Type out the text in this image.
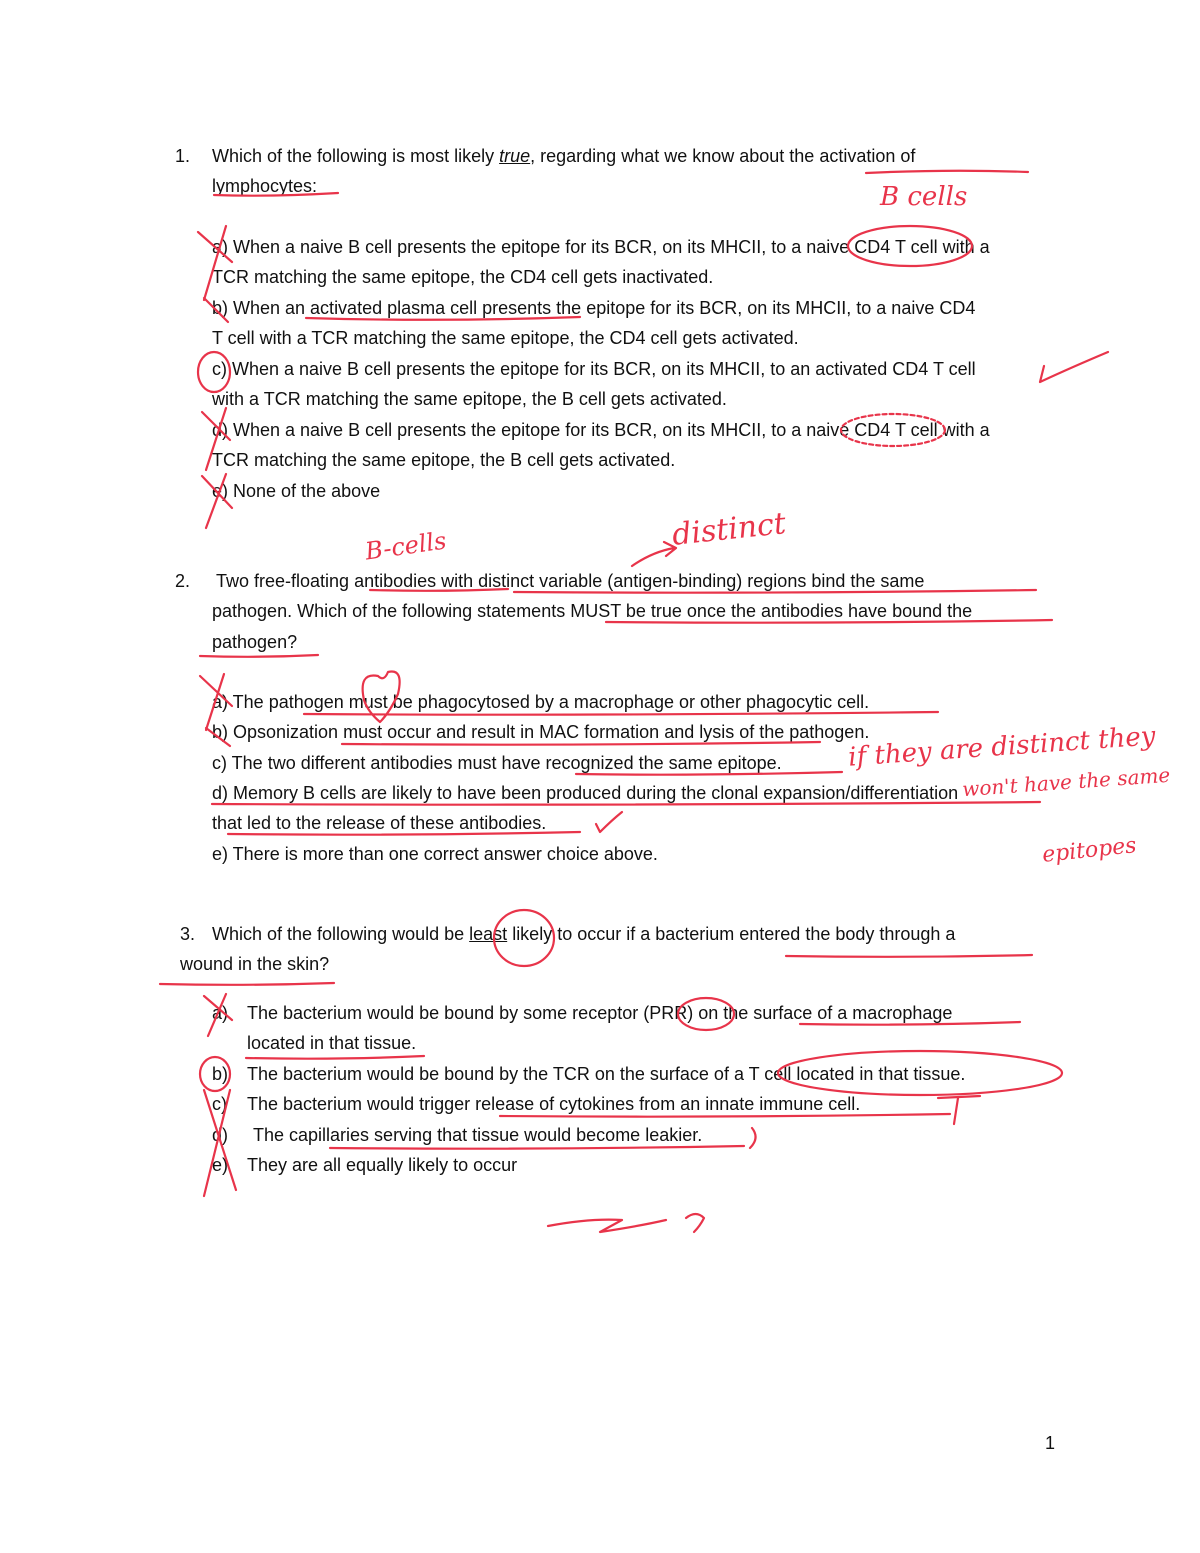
1. Which of the following is most likely true, regarding what we know about the activation of
lymphocytes:
a) When a naive B cell presents the epitope for its BCR, on its MHCII, to a naive CD4 T cell with a
TCR matching the same epitope, the CD4 cell gets inactivated.
b) When an activated plasma cell presents the epitope for its BCR, on its MHCII, to a naive CD4
T cell with a TCR matching the same epitope, the CD4 cell gets activated.
c) When a naive B cell presents the epitope for its BCR, on its MHCII, to an activated CD4 T cell
with a TCR matching the same epitope, the B cell gets activated.
d) When a naive B cell presents the epitope for its BCR, on its MHCII, to a naive CD4 T cell with a
TCR matching the same epitope, the B cell gets activated.
e) None of the above
2. Two free-floating antibodies with distinct variable (antigen-binding) regions bind the same
pathogen. Which of the following statements MUST be true once the antibodies have bound the
pathogen?
a) The pathogen must be phagocytosed by a macrophage or other phagocytic cell.
b) Opsonization must occur and result in MAC formation and lysis of the pathogen.
c) The two different antibodies must have recognized the same epitope.
d) Memory B cells are likely to have been produced during the clonal expansion/differentiation
that led to the release of these antibodies.
e) There is more than one correct answer choice above.
3. Which of the following would be least likely to occur if a bacterium entered the body through a
wound in the skin?
a) The bacterium would be bound by some receptor (PRR) on the surface of a macrophage
located in that tissue.
b) The bacterium would be bound by the TCR on the surface of a T cell located in that tissue.
c) The bacterium would trigger release of cytokines from an innate immune cell.
d) The capillaries serving that tissue would become leakier.
e) They are all equally likely to occur
1
B cells
B-cells	distinct
if they are distinct they
won't have the same
epitopes
